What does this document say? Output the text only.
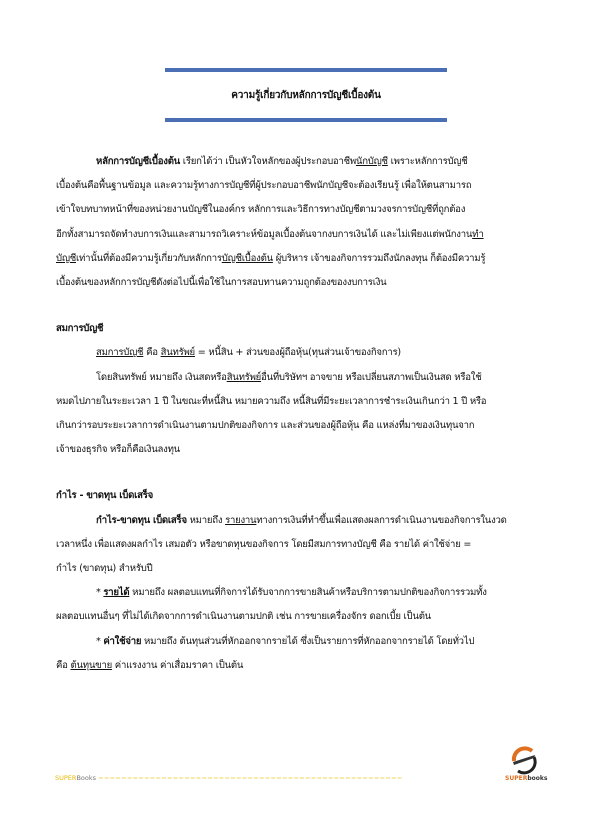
ความรู้เกี่ยวกับหลักการบัญชีเบื้องต้น

หลักการบัญชีเบื้องต้น เรียกได้ว่า เป็นหัวใจหลักของผู้ประกอบอาชีพนักบัญชี เพราะหลักการบัญชี

เบื้องต้นคือพื้นฐานข้อมูล และความรู้ทางการบัญชีที่ผู้ประกอบอาชีพนักบัญชีจะต้องเรียนรู้ เพื่อให้ตนสามารถ

เข้าใจบทบาทหน้าที่ของหน่วยงานบัญชีในองค์กร หลักการและวิธีการทางบัญชีตามวงจรการบัญชีที่ถูกต้อง

อีกทั้งสามารถจัดทำงบการเงินและสามารถวิเคราะห์ข้อมูลเบื้องต้นจากงบการเงินได้ และไม่เพียงแต่พนักงานทำ

บัญชีเท่านั้นที่ต้องมีความรู้เกี่ยวกับหลักการบัญชีเบื้องต้น ผู้บริหาร เจ้าของกิจการรวมถึงนักลงทุน ก็ต้องมีความรู้

เบื้องต้นของหลักการบัญชีดังต่อไปนี้เพื่อใช้ในการสอบทานความถูกต้องของงบการเงิน

สมการบัญชี

สมการบัญชี คือ สินทรัพย์ = หนี้สิน + ส่วนของผู้ถือหุ้น(ทุนส่วนเจ้าของกิจการ)

โดยสินทรัพย์ หมายถึง เงินสดหรือสินทรัพย์อื่นที่บริษัทฯ อาจขาย หรือเปลี่ยนสภาพเป็นเงินสด หรือใช้

หมดไปภายในระยะเวลา 1 ปี ในขณะที่หนี้สิน หมายความถึง หนี้สินที่มีระยะเวลาการชำระเงินเกินกว่า 1 ปี หรือ

เกินกว่ารอบระยะเวลาการดำเนินงานตามปกติของกิจการ และส่วนของผู้ถือหุ้น คือ แหล่งที่มาของเงินทุนจาก

เจ้าของธุรกิจ หรือก็คือเงินลงทุน

กำไร - ขาดทุน เบ็ดเสร็จ

กำไร-ขาดทุน เบ็ดเสร็จ หมายถึง รายงานทางการเงินที่ทำขึ้นเพื่อแสดงผลการดำเนินงานของกิจการในงวด

เวลาหนึ่ง เพื่อแสดงผลกำไร เสมอตัว หรือขาดทุนของกิจการ โดยมีสมการทางบัญชี คือ รายได้ ค่าใช้จ่าย =

กำไร (ขาดทุน) สำหรับปี

* รายได้ หมายถึง ผลตอบแทนที่กิจการได้รับจากการขายสินค้าหรือบริการตามปกติของกิจการรวมทั้ง

ผลตอบแทนอื่นๆ ที่ไม่ได้เกิดจากการดำเนินงานตามปกติ เช่น การขายเครื่องจักร ดอกเบี้ย เป็นต้น

* ค่าใช้จ่าย หมายถึง ต้นทุนส่วนที่หักออกจากรายได้ ซึ่งเป็นรายการที่หักออกจากรายได้ โดยทั่วไป

คือ ต้นทุนขาย ค่าแรงงาน ค่าเสื่อมราคา เป็นต้น

SUPERBooks =====================================================	SUPERbooks
